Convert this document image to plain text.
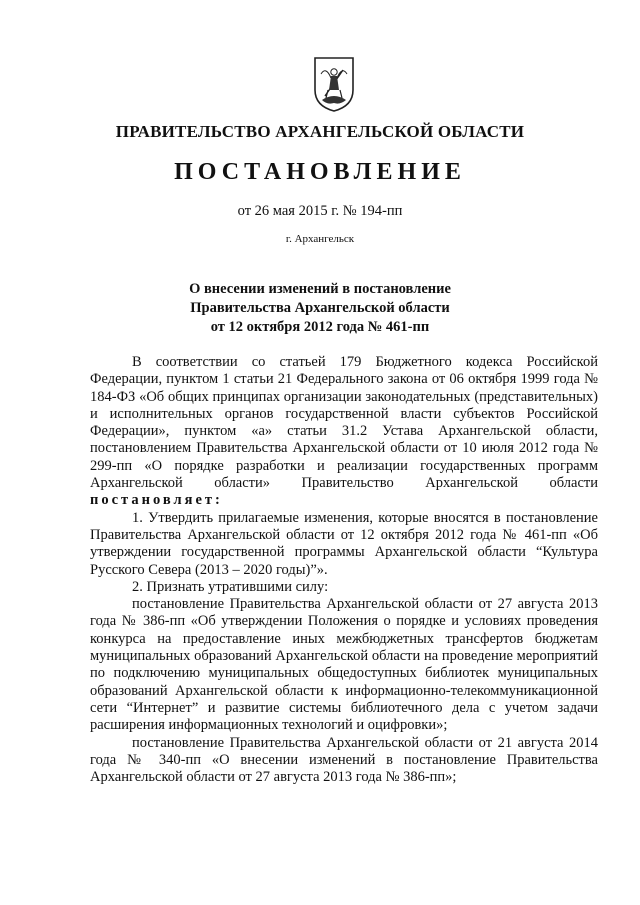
ПРАВИТЕЛЬСТВО АРХАНГЕЛЬСКОЙ ОБЛАСТИ
ПОСТАНОВЛЕНИЕ
от 26 мая 2015 г. № 194-пп
г. Архангельск
О внесении изменений в постановление
Правительства Архангельской области
от 12 октября 2012 года № 461-пп

В соответствии со статьей 179 Бюджетного кодекса Российской Федерации, пунктом 1 статьи 21 Федерального закона от 06 октября 1999 года № 184-ФЗ «Об общих принципах организации законодательных (представительных) и исполнительных органов государственной власти субъектов Российской Федерации», пунктом «а» статьи 31.2 Устава Архангельской области, постановлением Правительства Архангельской области от 10 июля 2012 года № 299-пп «О порядке разработки и реализации государственных программ Архангельской области» Правительство Архангельской области постановляет:

1. Утвердить прилагаемые изменения, которые вносятся в постановление Правительства Архангельской области от 12 октября 2012 года № 461-пп «Об утверждении государственной программы Архангельской области “Культура Русского Севера (2013 – 2020 годы)”».

2. Признать утратившими силу:

постановление Правительства Архангельской области от 27 августа 2013 года № 386-пп «Об утверждении Положения о порядке и условиях проведения конкурса на предоставление иных межбюджетных трансфертов бюджетам муниципальных образований Архангельской области на проведение мероприятий по подключению муниципальных общедоступных библиотек муниципальных образований Архангельской области к информационно-телекоммуникационной сети “Интернет” и развитие системы библиотечного дела с учетом задачи расширения информационных технологий и оцифровки»;

постановление Правительства Архангельской области от 21 августа 2014 года № 340-пп «О внесении изменений в постановление Правительства Архангельской области от 27 августа 2013 года № 386-пп»;
